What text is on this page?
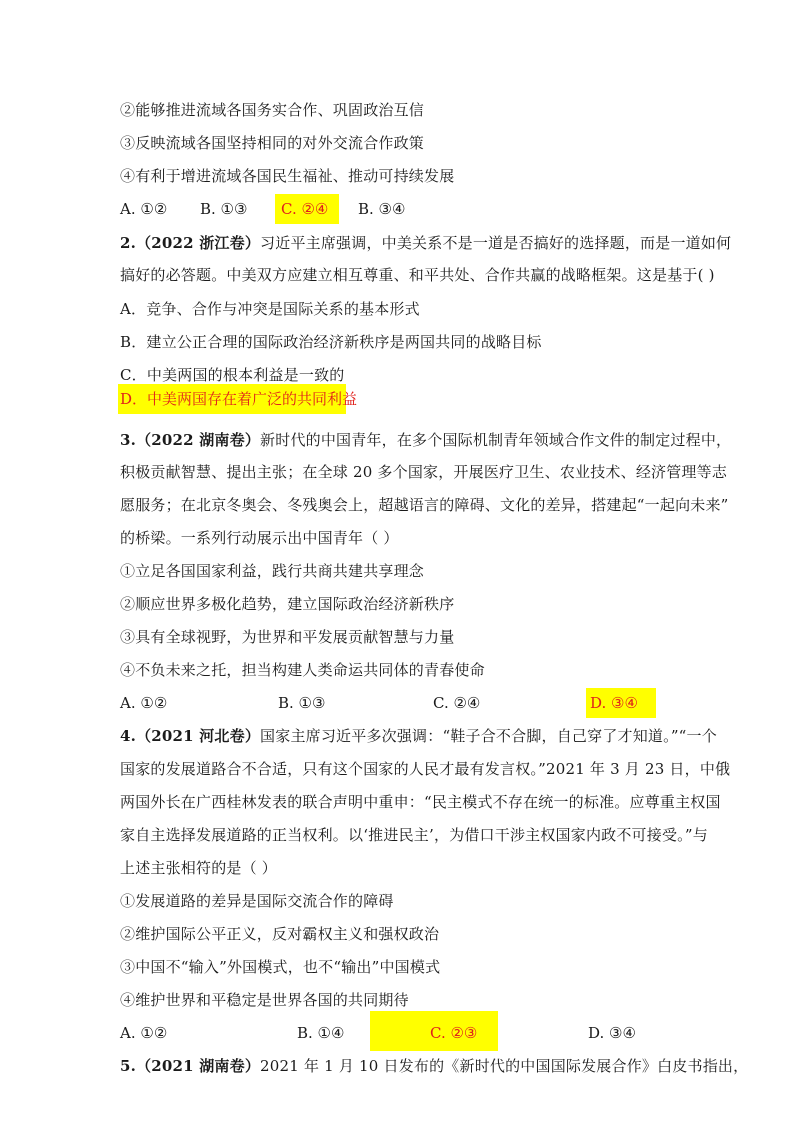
②能够推进流域各国务实合作、巩固政治互信
③反映流域各国坚持相同的对外交流合作政策
④有利于增进流域各国民生福祉、推动可持续发展
A. ①② B. ①③ C. ②④ B. ③④
2.（2022 浙江卷）习近平主席强调，中美关系不是一道是否搞好的选择题，而是一道如何
搞好的必答题。中美双方应建立相互尊重、和平共处、合作共赢的战略框架。这是基于( )
A．竞争、合作与冲突是国际关系的基本形式
B．建立公正合理的国际政治经济新秩序是两国共同的战略目标
C．中美两国的根本利益是一致的
D．中美两国存在着广泛的共同利益
3.（2022 湖南卷）新时代的中国青年，在多个国际机制青年领域合作文件的制定过程中，
积极贡献智慧、提出主张；在全球 20 多个国家，开展医疗卫生、农业技术、经济管理等志
愿服务；在北京冬奥会、冬残奥会上，超越语言的障碍、文化的差异，搭建起“一起向未来”
的桥梁。一系列行动展示出中国青年（ ）
①立足各国国家利益，践行共商共建共享理念
②顺应世界多极化趋势，建立国际政治经济新秩序
③具有全球视野，为世界和平发展贡献智慧与力量
④不负未来之托，担当构建人类命运共同体的青春使命
A. ①②	B. ①③	C. ②④	D. ③④
4.（2021 河北卷）国家主席习近平多次强调：“鞋子合不合脚，自己穿了才知道。”“一个
国家的发展道路合不合适，只有这个国家的人民才最有发言权。”2021 年 3 月 23 日，中俄
两国外长在广西桂林发表的联合声明中重申：“民主模式不存在统一的标准。应尊重主权国
家自主选择发展道路的正当权利。以‘推进民主’，为借口干涉主权国家内政不可接受。”与
上述主张相符的是（ ）
①发展道路的差异是国际交流合作的障碍
②维护国际公平正义，反对霸权主义和强权政治
③中国不“输入”外国模式，也不“输出”中国模式
④维护世界和平稳定是世界各国的共同期待
A. ①②	B. ①④	C. ②③	D. ③④
5.（2021 湖南卷）2021 年 1 月 10 日发布的《新时代的中国国际发展合作》白皮书指出，
